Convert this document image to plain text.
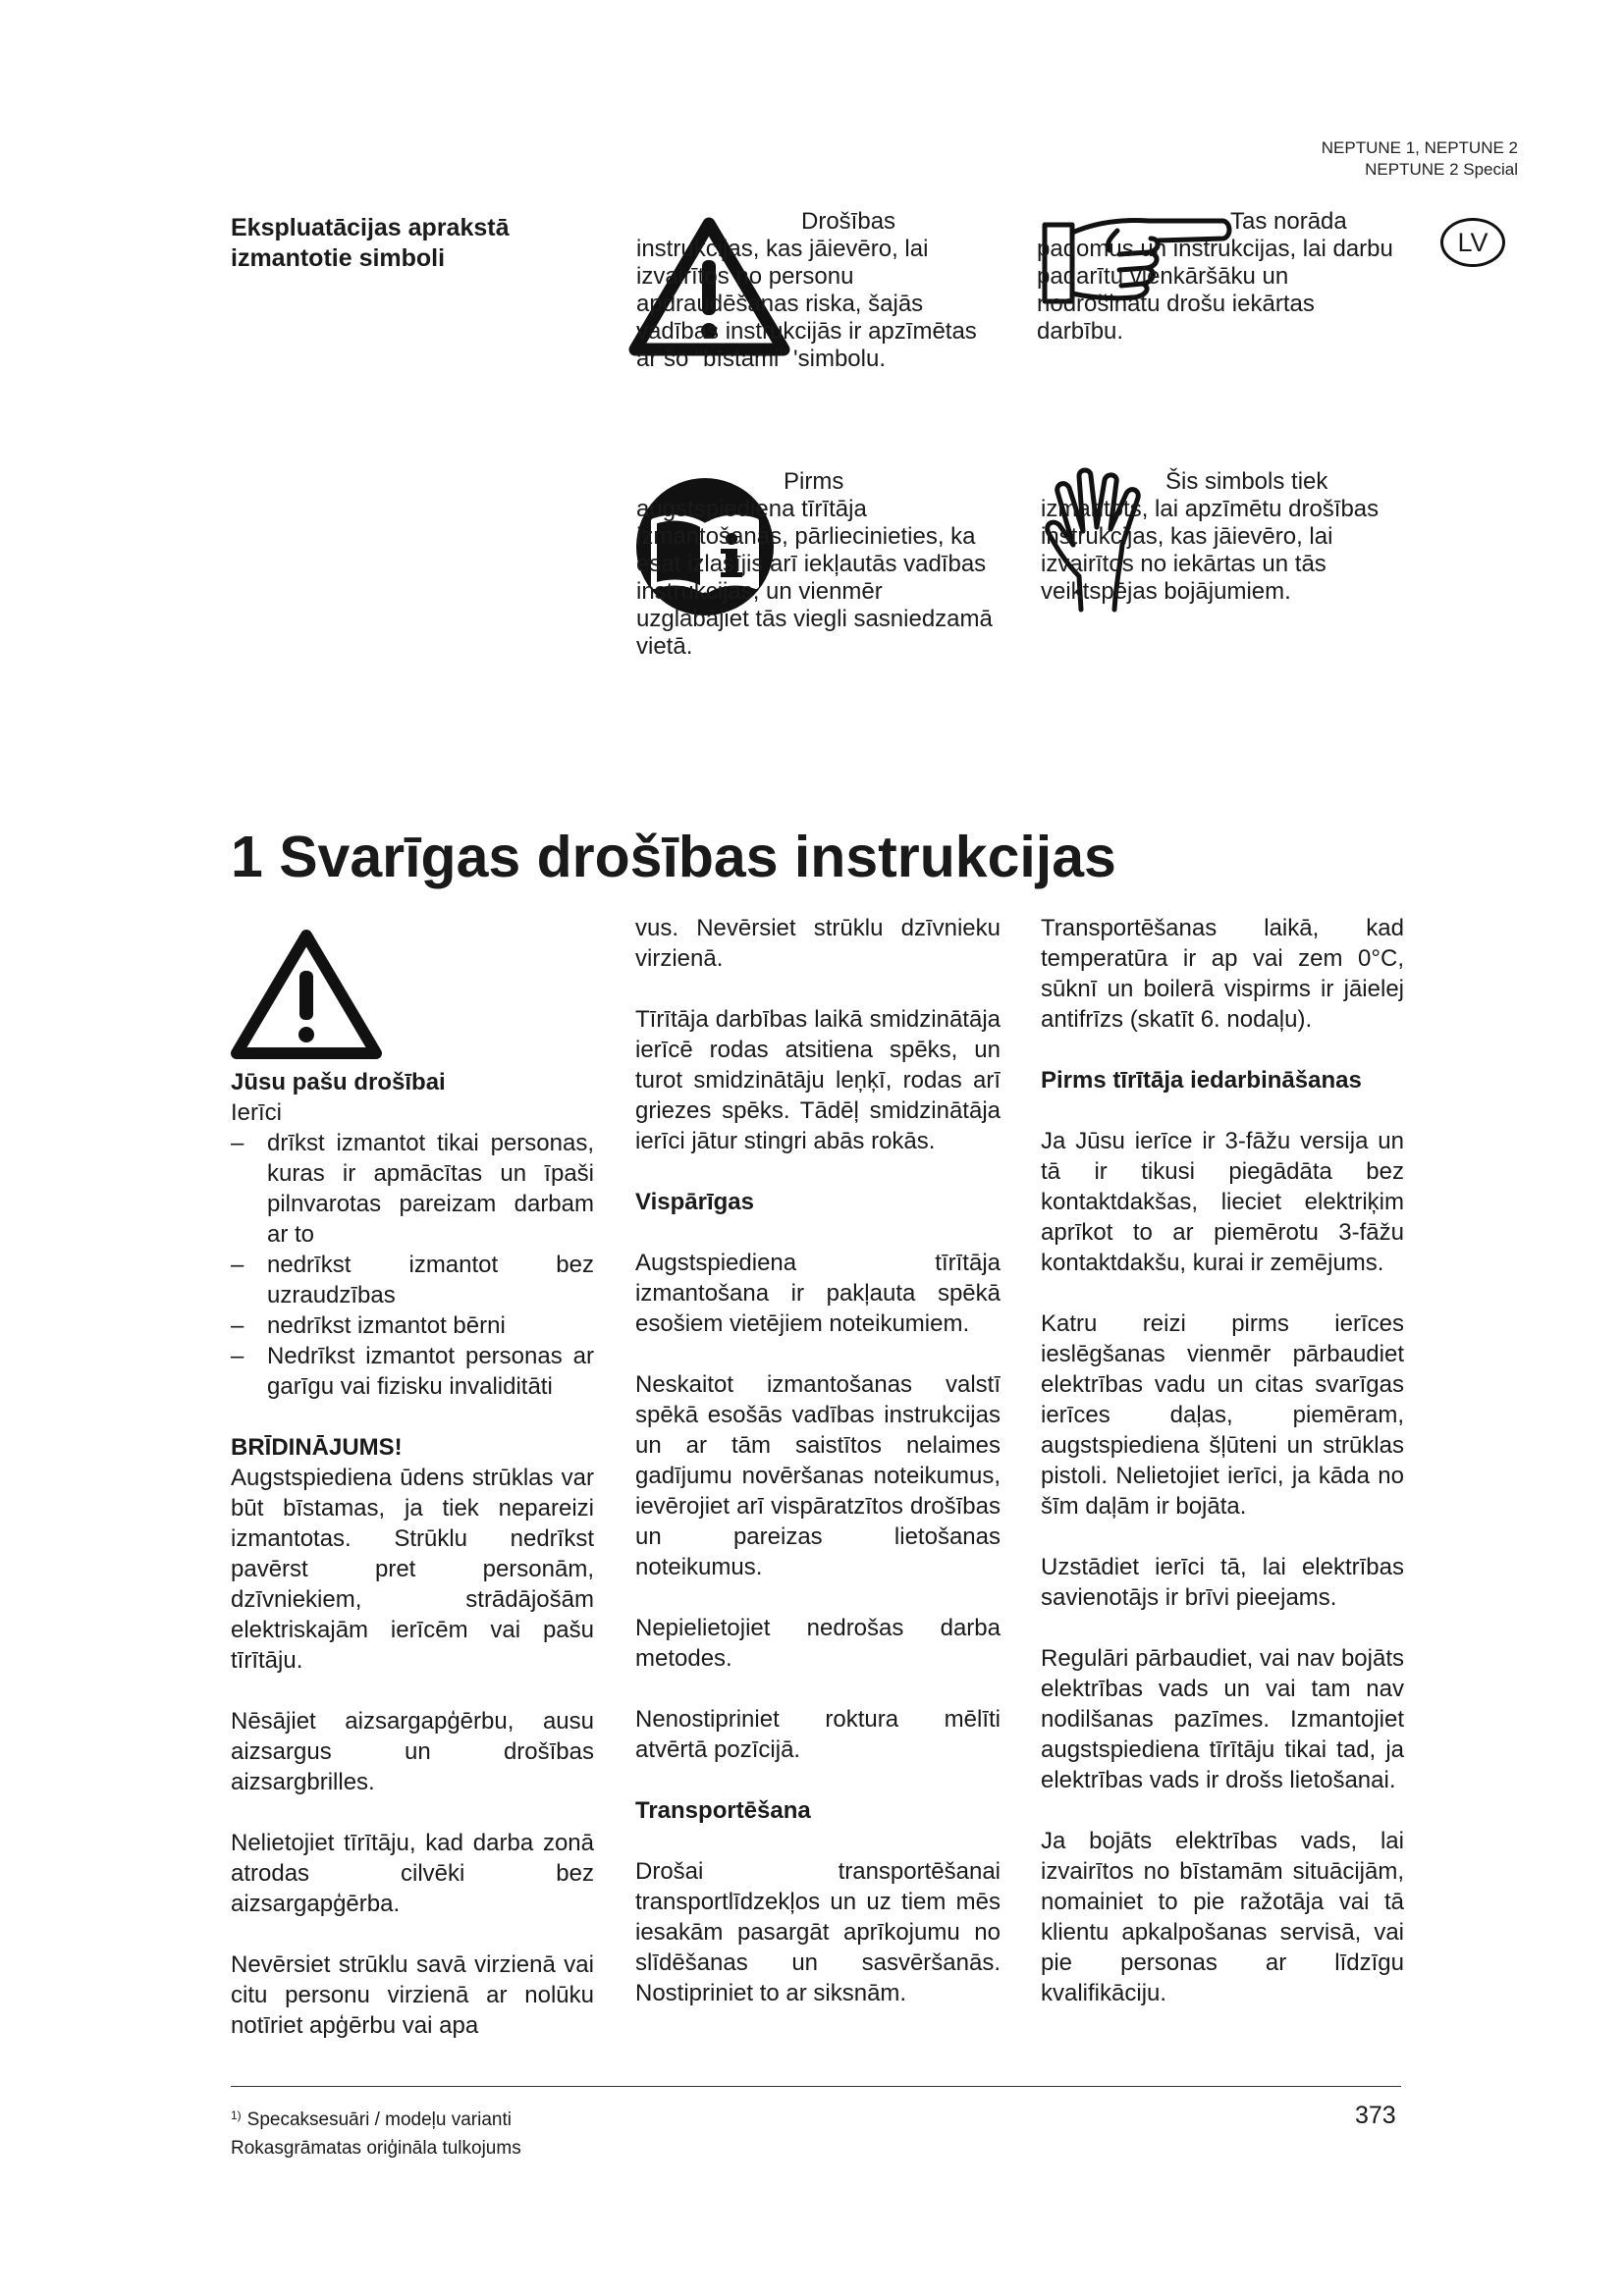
NEPTUNE 1, NEPTUNE 2
NEPTUNE 2 Special
Ekspluatācijas aprakstā izmantotie simboli
LV

Drošības instrukcijas, kas jāievēro, lai izvairītos no personu apdraudēšanas riska, šajās vadības instrukcijās ir apzīmētas ar šo “bīstami” 'simbolu.

Tas norāda padomus un instrukcijas, lai darbu padarītu vienkāršāku un nodrošinātu drošu iekārtas darbību.

Pirms augstspiediena tīrītāja izmantošanas, pārliecinieties, ka esat izlasījis arī iekļautās vadības instrukcijas, un vienmēr uzglabājiet tās viegli sasniedzamā vietā.

Šis simbols tiek izmantots, lai apzīmētu drošības instrukcijas, kas jāievēro, lai izvairītos no iekārtas un tās veiktspējas bojājumiem.

1 Svarīgas drošības instrukcijas
Jūsu pašu drošībai

Ierīci

– drīkst izmantot tikai personas, kuras ir apmācītas un īpaši pilnvarotas pareizam darbam ar to
– nedrīkst izmantot bez uzraudzības
– nedrīkst izmantot bērni
– Nedrīkst izmantot personas ar garīgu vai fizisku invaliditāti
BRĪDINĀJUMS!

Augstspiediena ūdens strūklas var būt bīstamas, ja tiek nepareizi izmantotas. Strūklu nedrīkst pavērst pret personām, dzīvniekiem, strādājošām elektriskajām ierīcēm vai pašu tīrītāju.

Nēsājiet aizsargapģērbu, ausu aizsargus un drošības aizsargbrilles.

Nelietojiet tīrītāju, kad darba zonā atrodas cilvēki bez aizsargapģērba.

Nevērsiet strūklu savā virzienā vai citu personu virzienā ar nolūku notīriet apģērbu vai apa

vus. Nevērsiet strūklu dzīvnieku virzienā.

Tīrītāja darbības laikā smidzinātāja ierīcē rodas atsitiena spēks, un turot smidzinātāju leņķī, rodas arī griezes spēks. Tādēļ smidzinātāja ierīci jātur stingri abās rokās.

Vispārīgas

Augstspiediena tīrītāja izmantošana ir pakļauta spēkā esošiem vietējiem noteikumiem.

Neskaitot izmantošanas valstī spēkā esošās vadības instrukcijas un ar tām saistītos nelaimes gadījumu novēršanas noteikumus, ievērojiet arī vispāratzītos drošības un pareizas lietošanas noteikumus.

Nepielietojiet nedrošas darba metodes.

Nenostipriniet roktura mēlīti atvērtā pozīcijā.

Transportēšana

Drošai transportēšanai transportlīdzekļos un uz tiem mēs iesakām pasargāt aprīkojumu no slīdēšanas un sasvēršanās. Nostipriniet to ar siksnām.

Transportēšanas laikā, kad temperatūra ir ap vai zem 0°C, sūknī un boilerā vispirms ir jāielej antifrīzs (skatīt 6. nodaļu).

Pirms tīrītāja iedarbināšanas

Ja Jūsu ierīce ir 3-fāžu versija un tā ir tikusi piegādāta bez kontaktdakšas, lieciet elektriķim aprīkot to ar piemērotu 3-fāžu kontaktdakšu, kurai ir zemējums.

Katru reizi pirms ierīces ieslēgšanas vienmēr pārbaudiet elektrības vadu un citas svarīgas ierīces daļas, piemēram, augstspiediena šļūteni un strūklas pistoli. Nelietojiet ierīci, ja kāda no šīm daļām ir bojāta.

Uzstādiet ierīci tā, lai elektrības savienotājs ir brīvi pieejams.

Regulāri pārbaudiet, vai nav bojāts elektrības vads un vai tam nav nodilšanas pazīmes. Izmantojiet augstspiediena tīrītāju tikai tad, ja elektrības vads ir drošs lietošanai.

Ja bojāts elektrības vads, lai izvairītos no bīstamām situācijām, nomainiet to pie ražotāja vai tā klientu apkalpošanas servisā, vai pie personas ar līdzīgu kvalifikāciju.

$^{1)}$ Specaksesuāri / modeļu varianti
Rokasgrāmatas oriģināla tulkojums
373
